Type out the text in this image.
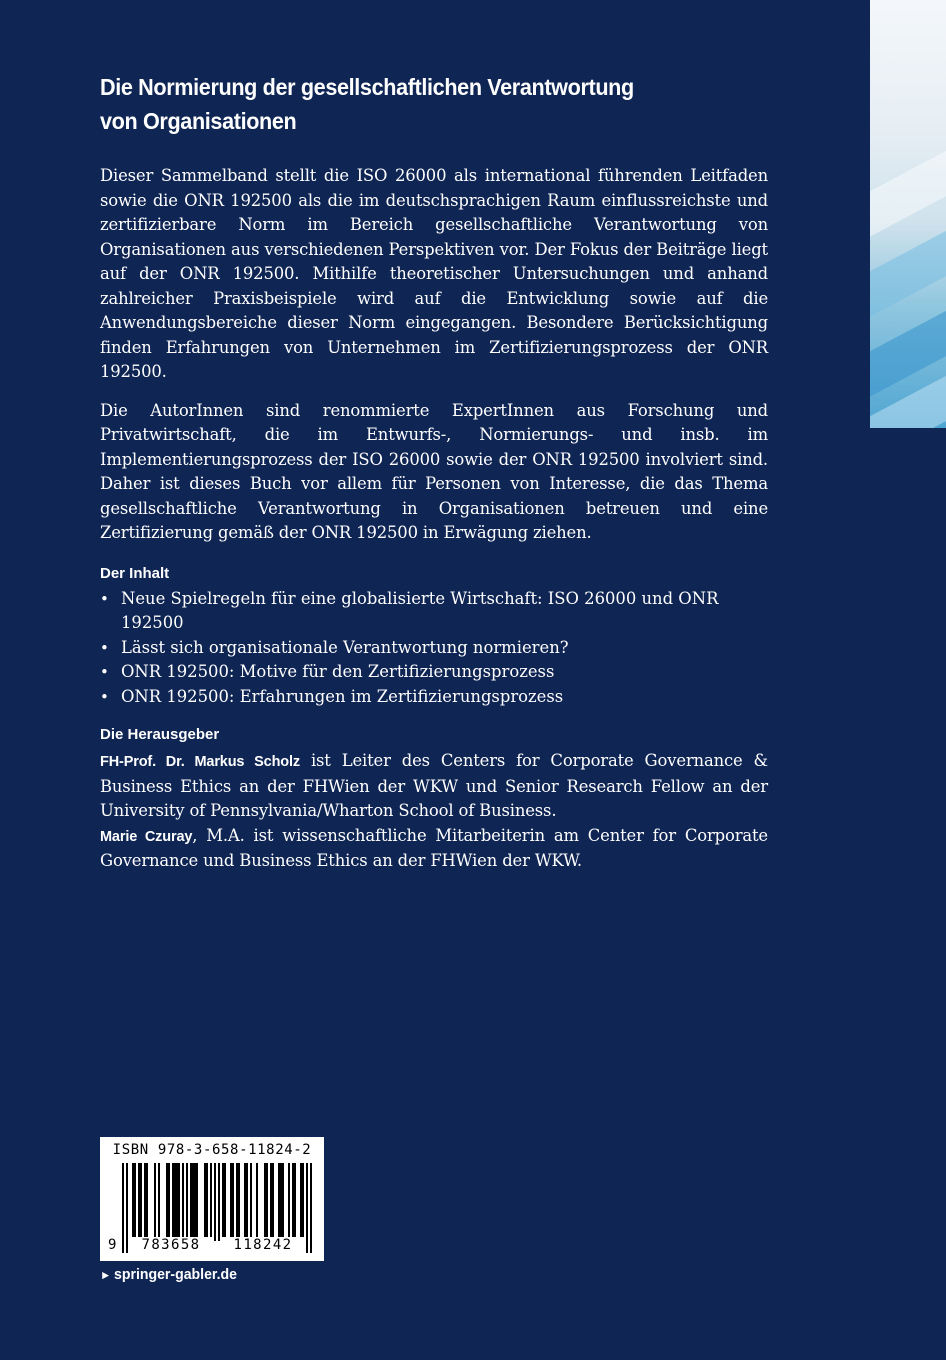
Die Normierung der gesellschaftlichen Verantwortung
von Organisationen

Dieser Sammelband stellt die ISO 26000 als international führenden Leitfaden sowie die ONR 192500 als die im deutschsprachigen Raum einflussreichste und zertifizierbare Norm im Bereich gesellschaftliche Verantwortung von Organisationen aus verschiedenen Perspektiven vor. Der Fokus der Beiträge liegt auf der ONR 192500. Mithilfe theoretischer Untersuchungen und anhand zahlreicher Praxisbeispiele wird auf die Entwicklung sowie auf die Anwendungsbereiche dieser Norm eingegangen. Besondere Berücksichtigung finden Erfahrungen von Unternehmen im Zertifizierungsprozess der ONR 192500.

Die AutorInnen sind renommierte ExpertInnen aus Forschung und Privatwirtschaft, die im Entwurfs-, Normierungs- und insb. im Implementierungsprozess der ISO 26000 sowie der ONR 192500 involviert sind. Daher ist dieses Buch vor allem für Personen von Interesse, die das Thema gesellschaftliche Verantwortung in Organisationen betreuen und eine Zertifizierung gemäß der ONR 192500 in Erwägung ziehen.

Der Inhalt
• Neue Spielregeln für eine globalisierte Wirtschaft: ISO 26000 und ONR 192500
• Lässt sich organisationale Verantwortung normieren?
• ONR 192500: Motive für den Zertifizierungsprozess
• ONR 192500: Erfahrungen im Zertifizierungsprozess
Die Herausgeber

FH-Prof. Dr. Markus Scholz ist Leiter des Centers for Corporate Governance & Business Ethics an der FHWien der WKW und Senior Research Fellow an der University of Pennsylvania/Wharton School of Business.

Marie Czuray, M.A. ist wissenschaftliche Mitarbeiterin am Center for Corporate Governance und Business Ethics an der FHWien der WKW.

ISBN 978-3-658-11824-2
9	783658	118242
► springer-gabler.de
